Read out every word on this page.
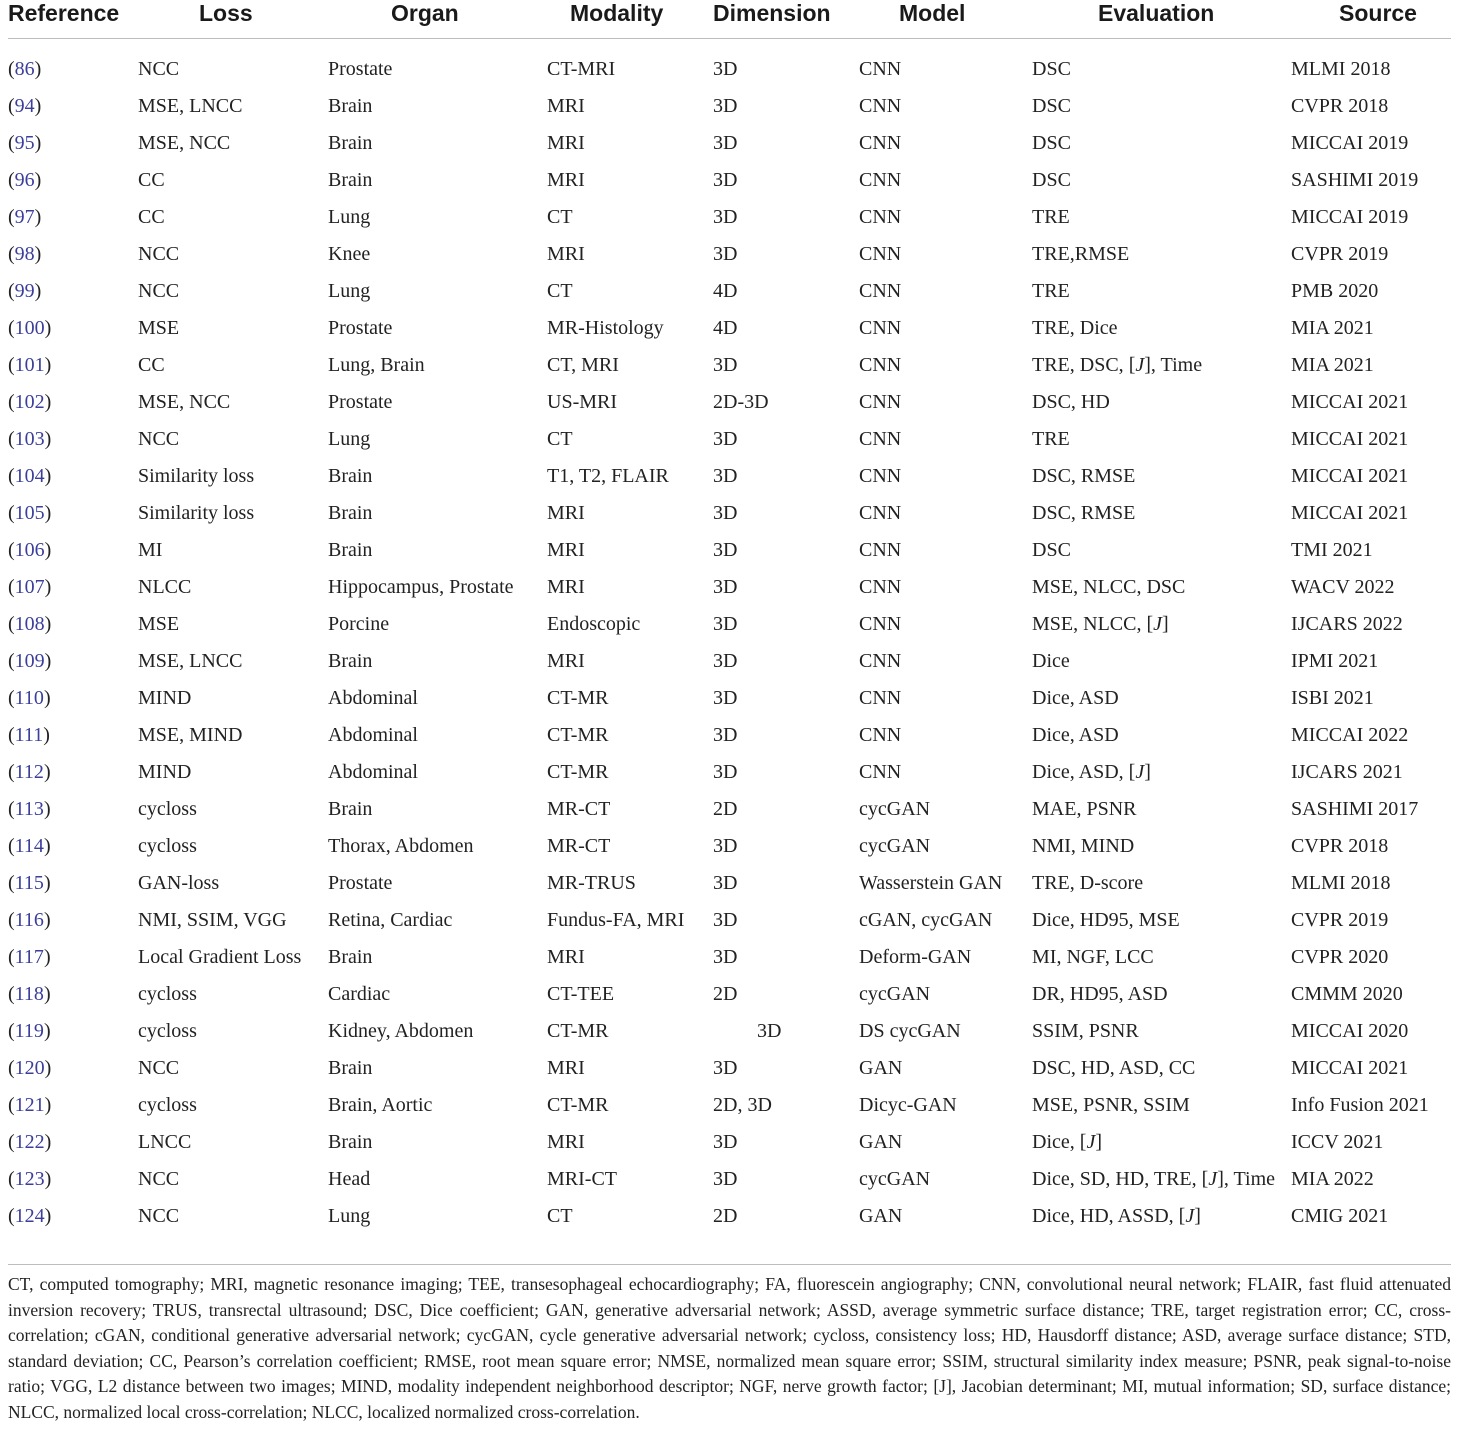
Reference	Loss	Organ	Modality	Dimension	Model	Evaluation	Source
(86)	NCC	Prostate	CT-MRI	3D	CNN	DSC	MLMI 2018
(94)	MSE, LNCC	Brain	MRI	3D	CNN	DSC	CVPR 2018
(95)	MSE, NCC	Brain	MRI	3D	CNN	DSC	MICCAI 2019
(96)	CC	Brain	MRI	3D	CNN	DSC	SASHIMI 2019
(97)	CC	Lung	CT	3D	CNN	TRE	MICCAI 2019
(98)	NCC	Knee	MRI	3D	CNN	TRE,RMSE	CVPR 2019
(99)	NCC	Lung	CT	4D	CNN	TRE	PMB 2020
(100)	MSE	Prostate	MR-Histology	4D	CNN	TRE, Dice	MIA 2021
(101)	CC	Lung, Brain	CT, MRI	3D	CNN	TRE, DSC, [J], Time	MIA 2021
(102)	MSE, NCC	Prostate	US-MRI	2D-3D	CNN	DSC, HD	MICCAI 2021
(103)	NCC	Lung	CT	3D	CNN	TRE	MICCAI 2021
(104)	Similarity loss	Brain	T1, T2, FLAIR	3D	CNN	DSC, RMSE	MICCAI 2021
(105)	Similarity loss	Brain	MRI	3D	CNN	DSC, RMSE	MICCAI 2021
(106)	MI	Brain	MRI	3D	CNN	DSC	TMI 2021
(107)	NLCC	Hippocampus, Prostate	MRI	3D	CNN	MSE, NLCC, DSC	WACV 2022
(108)	MSE	Porcine	Endoscopic	3D	CNN	MSE, NLCC, [J]	IJCARS 2022
(109)	MSE, LNCC	Brain	MRI	3D	CNN	Dice	IPMI 2021
(110)	MIND	Abdominal	CT-MR	3D	CNN	Dice, ASD	ISBI 2021
(111)	MSE, MIND	Abdominal	CT-MR	3D	CNN	Dice, ASD	MICCAI 2022
(112)	MIND	Abdominal	CT-MR	3D	CNN	Dice, ASD, [J]	IJCARS 2021
(113)	cycloss	Brain	MR-CT	2D	cycGAN	MAE, PSNR	SASHIMI 2017
(114)	cycloss	Thorax, Abdomen	MR-CT	3D	cycGAN	NMI, MIND	CVPR 2018
(115)	GAN-loss	Prostate	MR-TRUS	3D	Wasserstein GAN	TRE, D-score	MLMI 2018
(116)	NMI, SSIM, VGG	Retina, Cardiac	Fundus-FA, MRI	3D	cGAN, cycGAN	Dice, HD95, MSE	CVPR 2019
(117)	Local Gradient Loss	Brain	MRI	3D	Deform-GAN	MI, NGF, LCC	CVPR 2020
(118)	cycloss	Cardiac	CT-TEE	2D	cycGAN	DR, HD95, ASD	CMMM 2020
(119)	cycloss	Kidney, Abdomen	CT-MR	3D	DS cycGAN	SSIM, PSNR	MICCAI 2020
(120)	NCC	Brain	MRI	3D	GAN	DSC, HD, ASD, CC	MICCAI 2021
(121)	cycloss	Brain, Aortic	CT-MR	2D, 3D	Dicyc-GAN	MSE, PSNR, SSIM	Info Fusion 2021
(122)	LNCC	Brain	MRI	3D	GAN	Dice, [J]	ICCV 2021
(123)	NCC	Head	MRI-CT	3D	cycGAN	Dice, SD, HD, TRE, [J], Time	MIA 2022
(124)	NCC	Lung	CT	2D	GAN	Dice, HD, ASSD, [J]	CMIG 2021
CT, computed tomography; MRI, magnetic resonance imaging; TEE, transesophageal echocardiography; FA, fluorescein angiography; CNN, convolutional neural network; FLAIR, fast fluid attenuated inversion recovery; TRUS, transrectal ultrasound; DSC, Dice coefficient; GAN, generative adversarial network; ASSD, average symmetric surface distance; TRE, target registration error; CC, cross-correlation; cGAN, conditional generative adversarial network; cycGAN, cycle generative adversarial network; cycloss, consistency loss; HD, Hausdorff distance; ASD, average surface distance; STD, standard deviation; CC, Pearson’s correlation coefficient; RMSE, root mean square error; NMSE, normalized mean square error; SSIM, structural similarity index measure; PSNR, peak signal-to-noise ratio; VGG, L2 distance between two images; MIND, modality independent neighborhood descriptor; NGF, nerve growth factor; [J], Jacobian determinant; MI, mutual information; SD, surface distance; NLCC, normalized local cross-correlation; NLCC, localized normalized cross-correlation.
